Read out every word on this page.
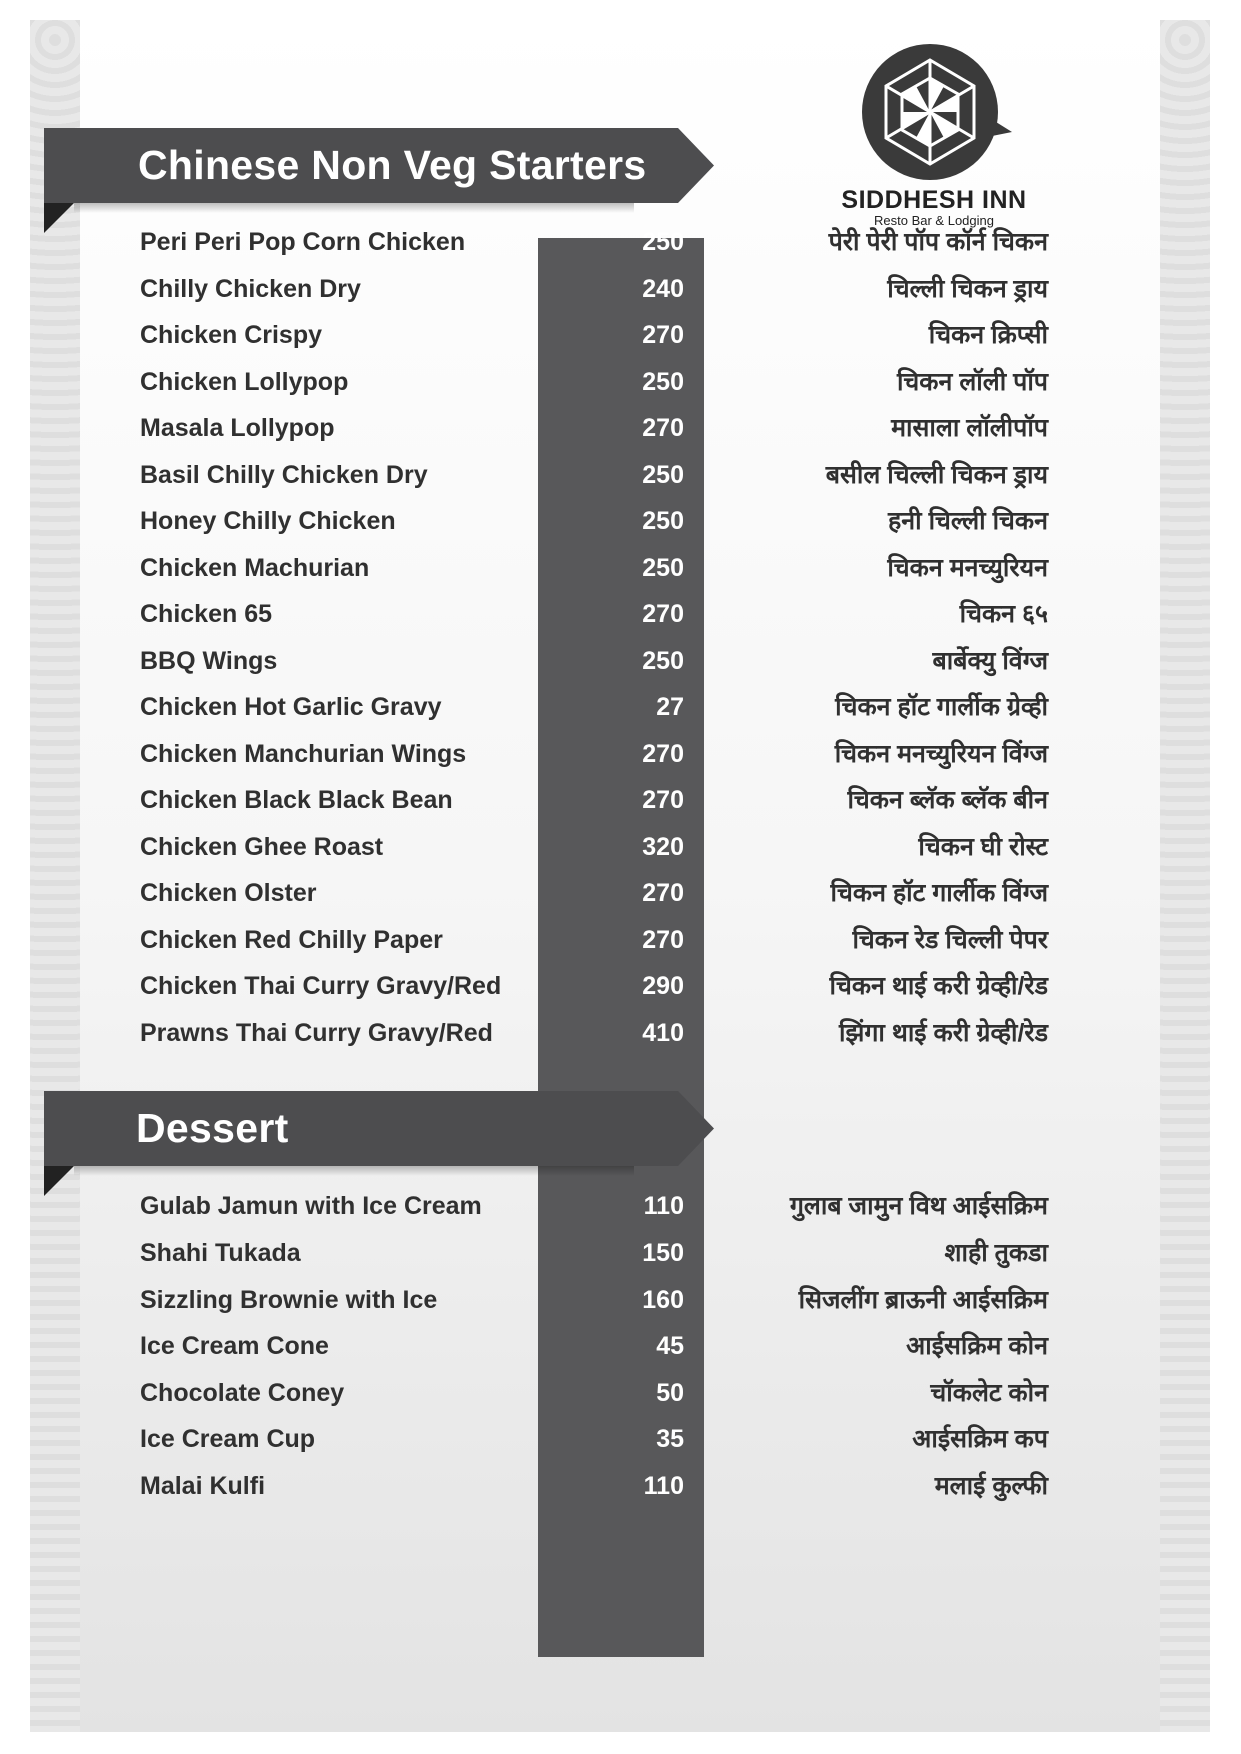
SIDDHESH INN
Resto Bar & Lodging
Chinese Non Veg Starters
Peri Peri Pop Corn Chicken	250	पेरी पेरी पॉप कॉर्न चिकन
Chilly Chicken Dry	240	चिल्ली चिकन ड्राय
Chicken Crispy	270	चिकन क्रिप्सी
Chicken Lollypop	250	चिकन लॉली पॉप
Masala Lollypop	270	मासाला लॉलीपॉप
Basil Chilly Chicken Dry	250	बसील चिल्ली चिकन ड्राय
Honey Chilly Chicken	250	हनी चिल्ली चिकन
Chicken Machurian	250	चिकन मनच्युरियन
Chicken 65	270	चिकन ६५
BBQ Wings	250	बार्बेक्यु विंग्ज
Chicken Hot Garlic Gravy	27	चिकन हॉट गार्लीक ग्रेव्ही
Chicken Manchurian Wings	270	चिकन मनच्युरियन विंग्ज
Chicken Black Black Bean	270	चिकन ब्लॅक ब्लॅक बीन
Chicken Ghee Roast	320	चिकन घी रोस्ट
Chicken Olster	270	चिकन हॉट गार्लीक विंग्ज
Chicken Red Chilly Paper	270	चिकन रेड चिल्ली पेपर
Chicken Thai Curry Gravy/Red	290	चिकन थाई करी ग्रेव्ही/रेड
Prawns Thai Curry Gravy/Red	410	झिंगा थाई करी ग्रेव्ही/रेड
Dessert
Gulab Jamun with Ice Cream	110	गुलाब जामुन विथ आईसक्रिम
Shahi Tukada	150	शाही तुकडा
Sizzling Brownie with Ice	160	सिजलींग ब्राऊनी आईसक्रिम
Ice Cream Cone	45	आईसक्रिम कोन
Chocolate Coney	50	चॉकलेट कोन
Ice Cream Cup	35	आईसक्रिम कप
Malai Kulfi	110	मलाई कुल्फी
